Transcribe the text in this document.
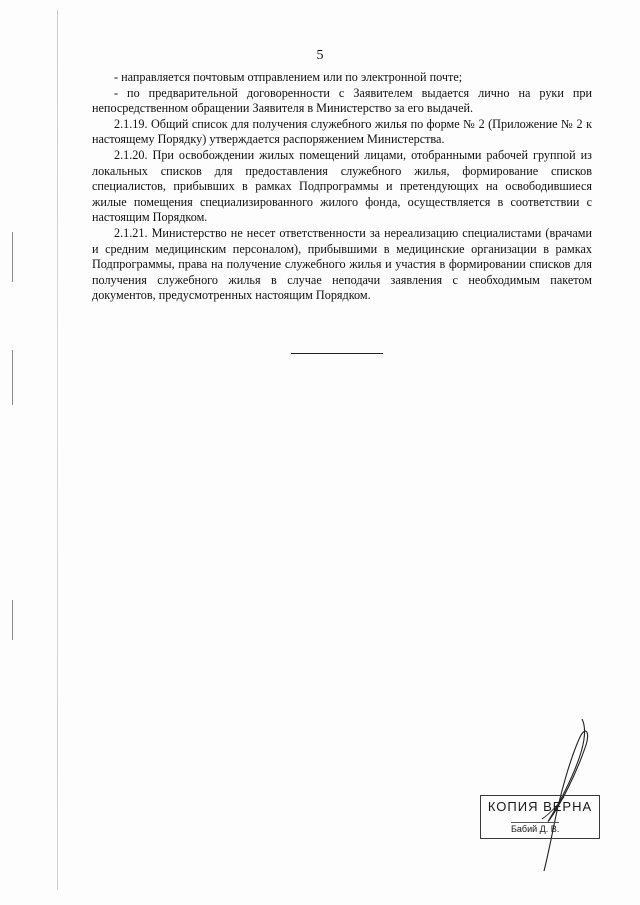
5

- направляется почтовым отправлением или по электронной почте;

- по предварительной договоренности с Заявителем выдается лично на руки при непосредственном обращении Заявителя в Министерство за его выдачей.

2.1.19. Общий список для получения служебного жилья по форме № 2 (Приложение № 2 к настоящему Порядку) утверждается распоряжением Министерства.

2.1.20. При освобождении жилых помещений лицами, отобранными рабочей группой из локальных списков для предоставления служебного жилья, формирование списков специалистов, прибывших в рамках Подпрограммы и претендующих на освободившиеся жилые помещения специализированного жилого фонда, осуществляется в соответствии с настоящим Порядком.

2.1.21. Министерство не несет ответственности за нереализацию специалистами (врачами и средним медицинским персоналом), прибывшими в медицинские организации в рамках Подпрограммы, права на получение служебного жилья и участия в формировании списков для получения служебного жилья в случае неподачи заявления с необходимым пакетом документов, предусмотренных настоящим Порядком.

КОПИЯ ВЕРНА
Бабий Д. В.
